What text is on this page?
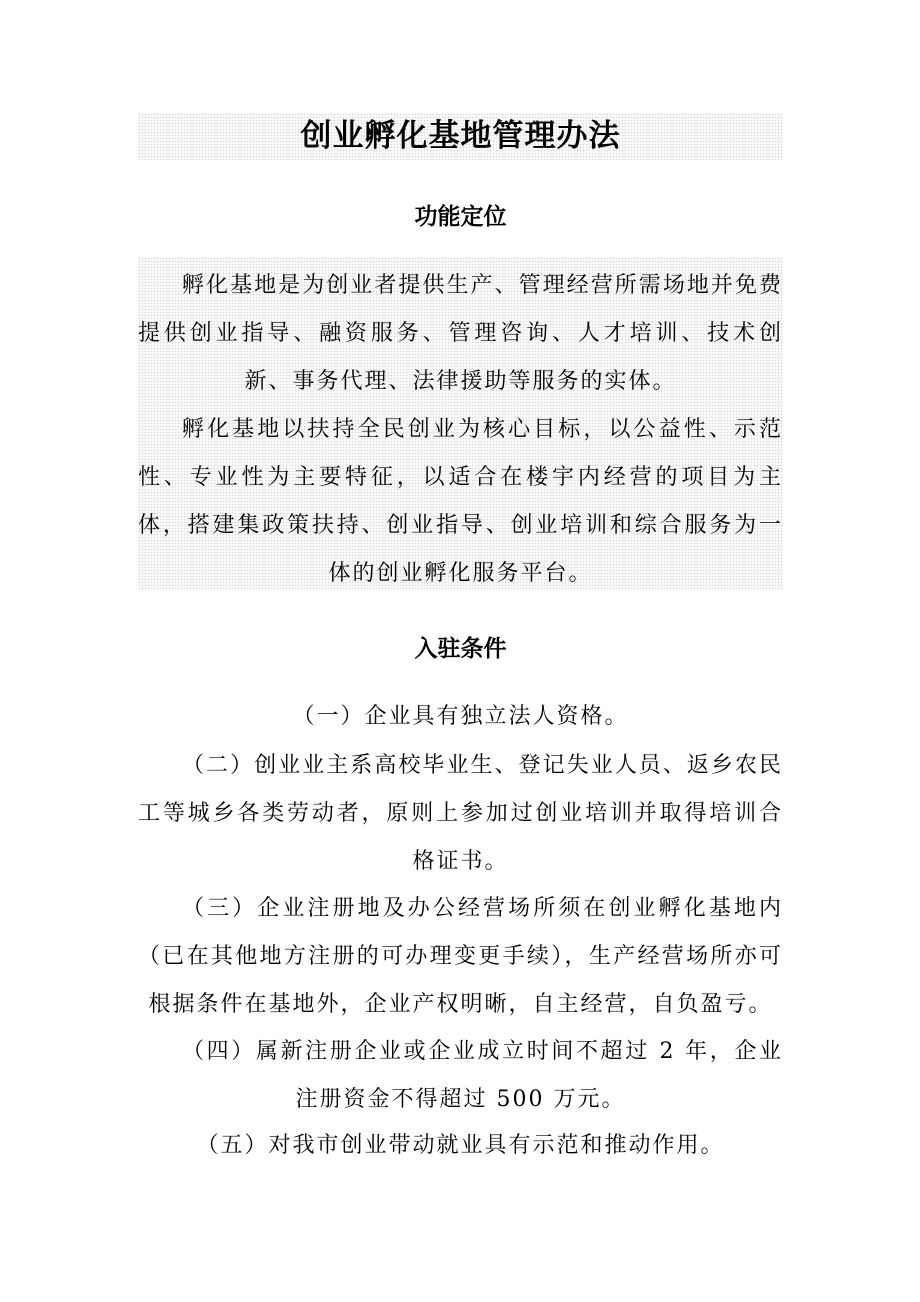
创业孵化基地管理办法
功能定位

孵化基地是为创业者提供生产、管理经营所需场地并免费提供创业指导、融资服务、管理咨询、人才培训、技术创新、事务代理、法律援助等服务的实体。

孵化基地以扶持全民创业为核心目标，以公益性、示范性、专业性为主要特征，以适合在楼宇内经营的项目为主体，搭建集政策扶持、创业指导、创业培训和综合服务为一体的创业孵化服务平台。

入驻条件

（一）企业具有独立法人资格。

（二）创业业主系高校毕业生、登记失业人员、返乡农民工等城乡各类劳动者，原则上参加过创业培训并取得培训合格证书。

（三）企业注册地及办公经营场所须在创业孵化基地内（已在其他地方注册的可办理变更手续），生产经营场所亦可根据条件在基地外，企业产权明晰，自主经营，自负盈亏。

（四）属新注册企业或企业成立时间不超过 2 年，企业注册资金不得超过 500 万元。

（五）对我市创业带动就业具有示范和推动作用。
